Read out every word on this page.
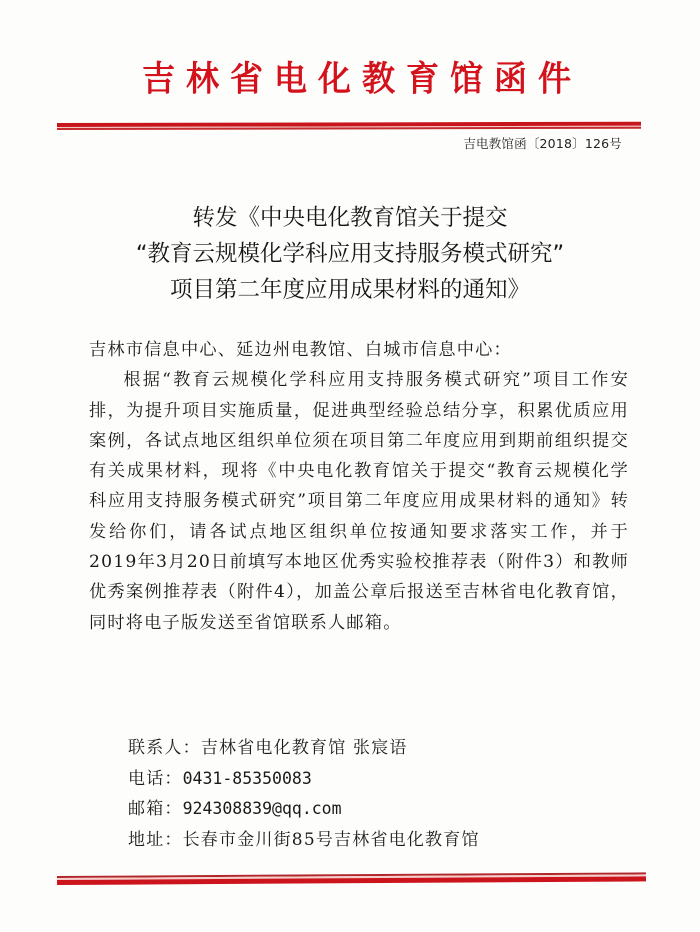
吉林省电化教育馆函件
吉电教馆函〔2018〕126号
转发《中央电化教育馆关于提交
“教育云规模化学科应用支持服务模式研究”
项目第二年度应用成果材料的通知》

吉林市信息中心、延边州电教馆、白城市信息中心：

根据“教育云规模化学科应用支持服务模式研究”项目工作安排，为提升项目实施质量，促进典型经验总结分享，积累优质应用案例，各试点地区组织单位须在项目第二年度应用到期前组织提交有关成果材料，现将《中央电化教育馆关于提交“教育云规模化学科应用支持服务模式研究”项目第二年度应用成果材料的通知》转发给你们，请各试点地区组织单位按通知要求落实工作，并于2019年3月20日前填写本地区优秀实验校推荐表（附件3）和教师优秀案例推荐表（附件4），加盖公章后报送至吉林省电化教育馆，同时将电子版发送至省馆联系人邮箱。

联系人：吉林省电化教育馆 张宸语
电话：0431-85350083
邮箱：924308839@qq.com
地址：长春市金川街85号吉林省电化教育馆
